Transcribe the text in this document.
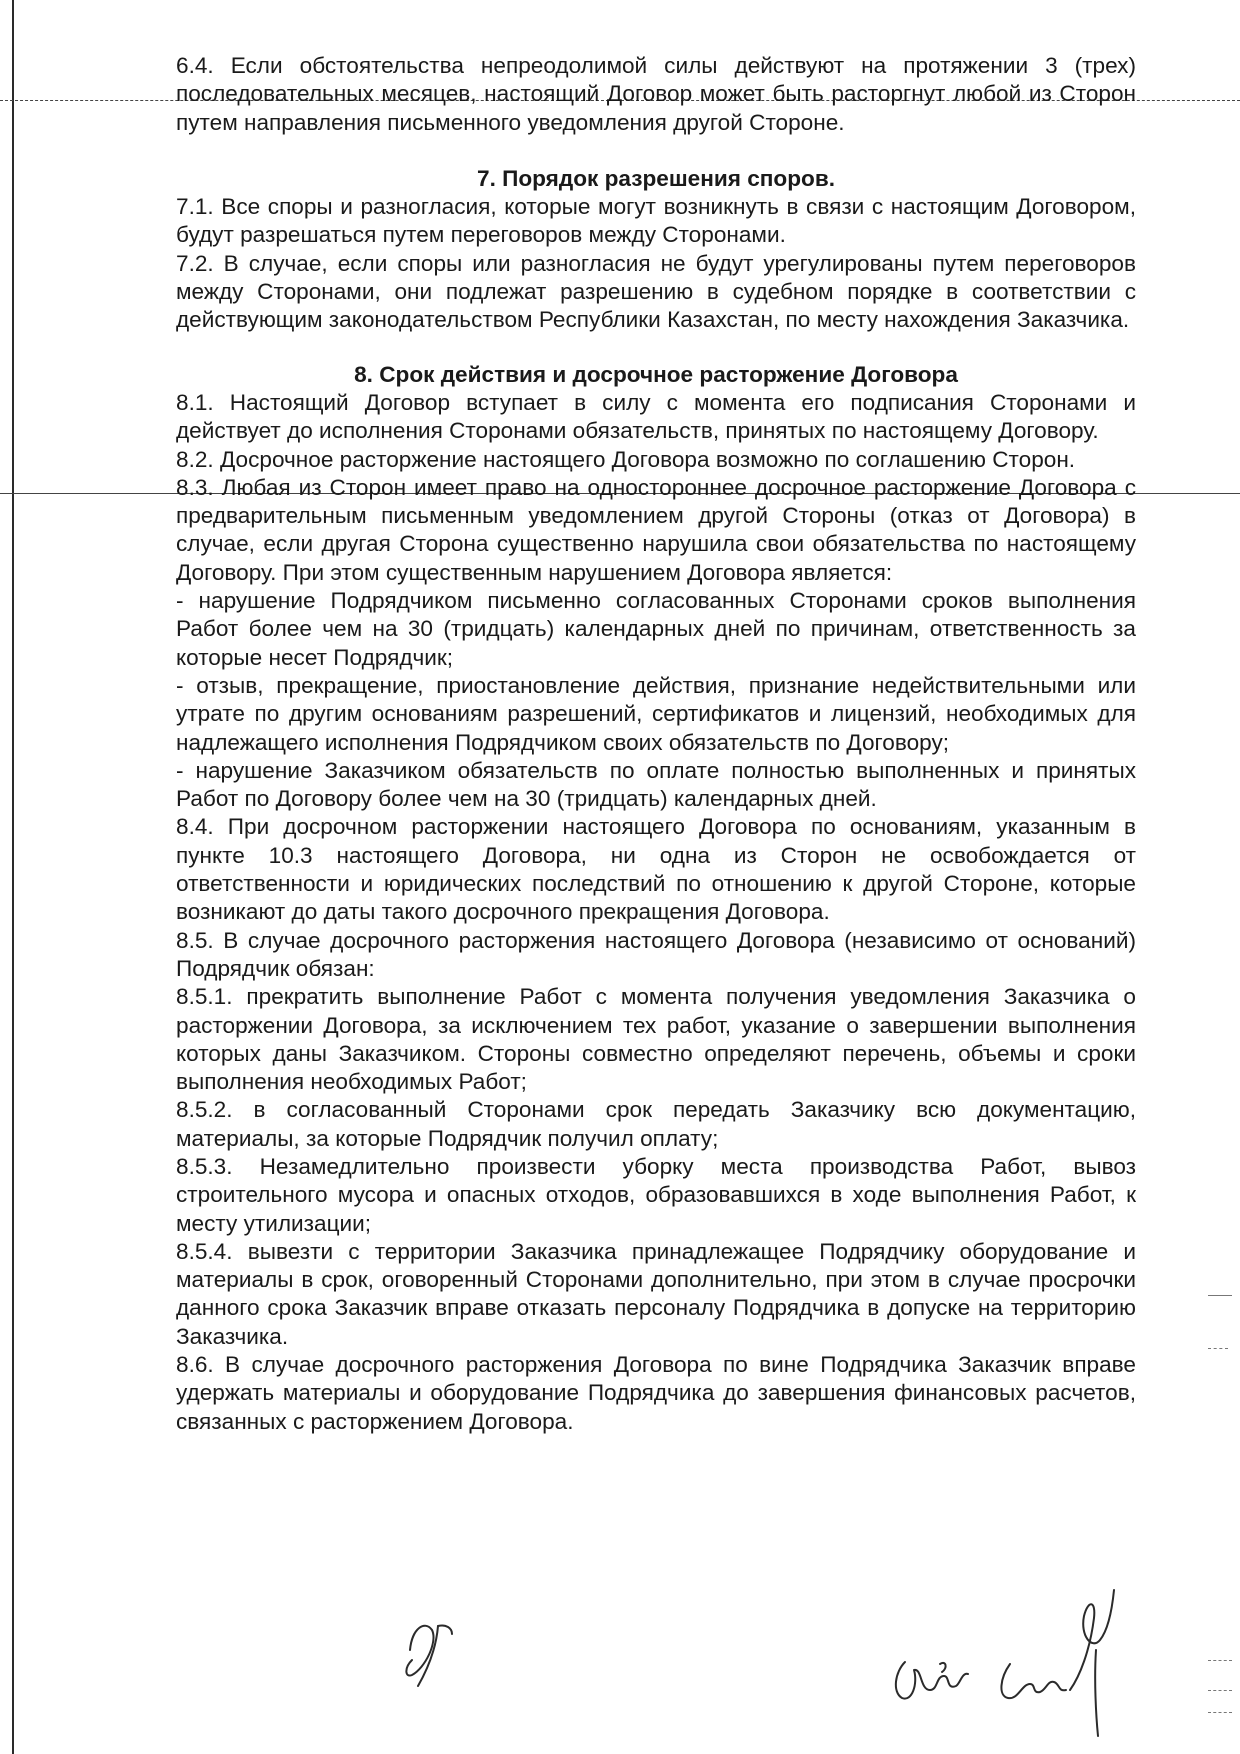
6.4. Если обстоятельства непреодолимой силы действуют на протяжении 3 (трех) последовательных месяцев, настоящий Договор может быть расторгнут любой из Сторон путем направления письменного уведомления другой Стороне.

7. Порядок разрешения споров.

7.1. Все споры и разногласия, которые могут возникнуть в связи с настоящим Договором, будут разрешаться путем переговоров между Сторонами.

7.2. В случае, если споры или разногласия не будут урегулированы путем переговоров между Сторонами, они подлежат разрешению в судебном порядке в соответствии с действующим законодательством Республики Казахстан, по месту нахождения Заказчика.

8. Срок действия и досрочное расторжение Договора

8.1. Настоящий Договор вступает в силу с момента его подписания Сторонами и действует до исполнения Сторонами обязательств, принятых по настоящему Договору.

8.2. Досрочное расторжение настоящего Договора возможно по соглашению Сторон.

8.3. Любая из Сторон имеет право на одностороннее досрочное расторжение Договора с предварительным письменным уведомлением другой Стороны (отказ от Договора) в случае, если другая Сторона существенно нарушила свои обязательства по настоящему Договору. При этом существенным нарушением Договора является:

- нарушение Подрядчиком письменно согласованных Сторонами сроков выполнения Работ более чем на 30 (тридцать) календарных дней по причинам, ответственность за которые несет Подрядчик;

- отзыв, прекращение, приостановление действия, признание недействительными или утрате по другим основаниям разрешений, сертификатов и лицензий, необходимых для надлежащего исполнения Подрядчиком своих обязательств по Договору;

- нарушение Заказчиком обязательств по оплате полностью выполненных и принятых Работ по Договору более чем на 30 (тридцать) календарных дней.

8.4. При досрочном расторжении настоящего Договора по основаниям, указанным в пункте 10.3 настоящего Договора, ни одна из Сторон не освобождается от ответственности и юридических последствий по отношению к другой Стороне, которые возникают до даты такого досрочного прекращения Договора.

8.5. В случае досрочного расторжения настоящего Договора (независимо от оснований) Подрядчик обязан:

8.5.1. прекратить выполнение Работ с момента получения уведомления Заказчика о расторжении Договора, за исключением тех работ, указание о завершении выполнения которых даны Заказчиком. Стороны совместно определяют перечень, объемы и сроки выполнения необходимых Работ;

8.5.2. в согласованный Сторонами срок передать Заказчику всю документацию, материалы, за которые Подрядчик получил оплату;

8.5.3. Незамедлительно произвести уборку места производства Работ, вывоз строительного мусора и опасных отходов, образовавшихся в ходе выполнения Работ, к месту утилизации;

8.5.4. вывезти с территории Заказчика принадлежащее Подрядчику оборудование и материалы в срок, оговоренный Сторонами дополнительно, при этом в случае просрочки данного срока Заказчик вправе отказать персоналу Подрядчика в допуске на территорию Заказчика.

8.6. В случае досрочного расторжения Договора по вине Подрядчика Заказчик вправе удержать материалы и оборудование Подрядчика до завершения финансовых расчетов, связанных с расторжением Договора.
